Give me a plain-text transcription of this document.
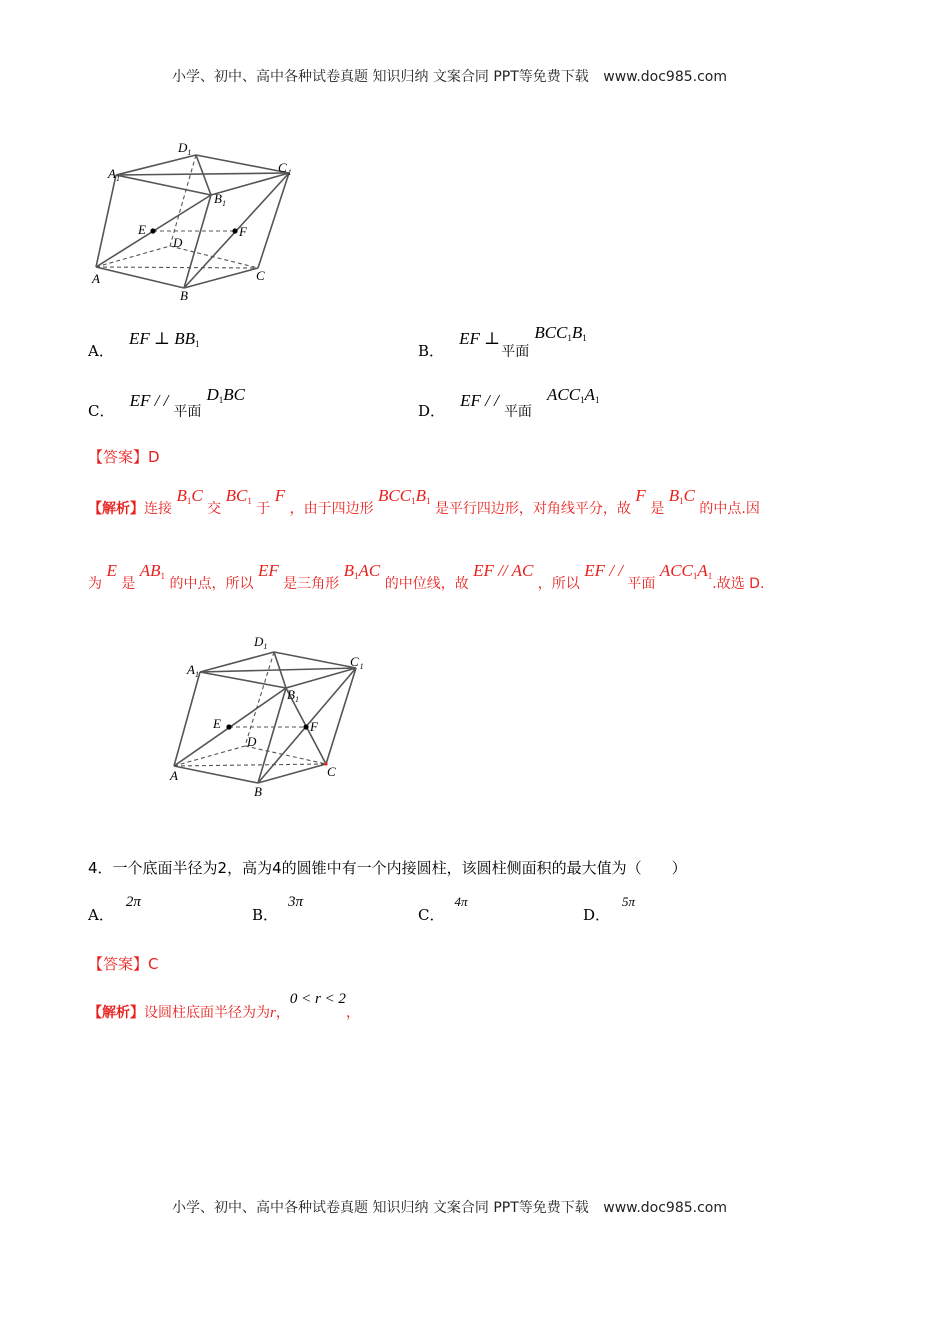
小学、初中、高中各种试卷真题 知识归纳 文案合同 PPT等免费下载 www.doc985.com
$D_1$
$C_1$
$A_1$
$B_1$
E	F
D
A
B
C
A． EF ⊥ BB1	B． EF ⊥ 平面 BCC1B1
C． EF / / 平面 D1BC
D． EF / / 平面 ACC1A1
【答案】D
【解析】连接 B1C 交 BC1 于 F ，由于四边形 BCC1B1 是平行四边形，对角线平分，故 F 是 B1C 的中点.因
为 E 是 AB1 的中点，所以 EF 是三角形 B1AC 的中位线，故 EF // AC ，所以 EF / / 平面 ACC1A1.故选 D.
$D_1$
$C_1$
$A_1$
$B_1$
E	F
D
A
B
C
4．一个底面半径为2，高为4的圆锥中有一个内接圆柱，该圆柱侧面积的最大值为（　　）
A．2π
B．3π
C．4π
D．5π
【答案】C
【解析】设圆柱底面半径为为r，0 < r < 2，
小学、初中、高中各种试卷真题 知识归纳 文案合同 PPT等免费下载 www.doc985.com
